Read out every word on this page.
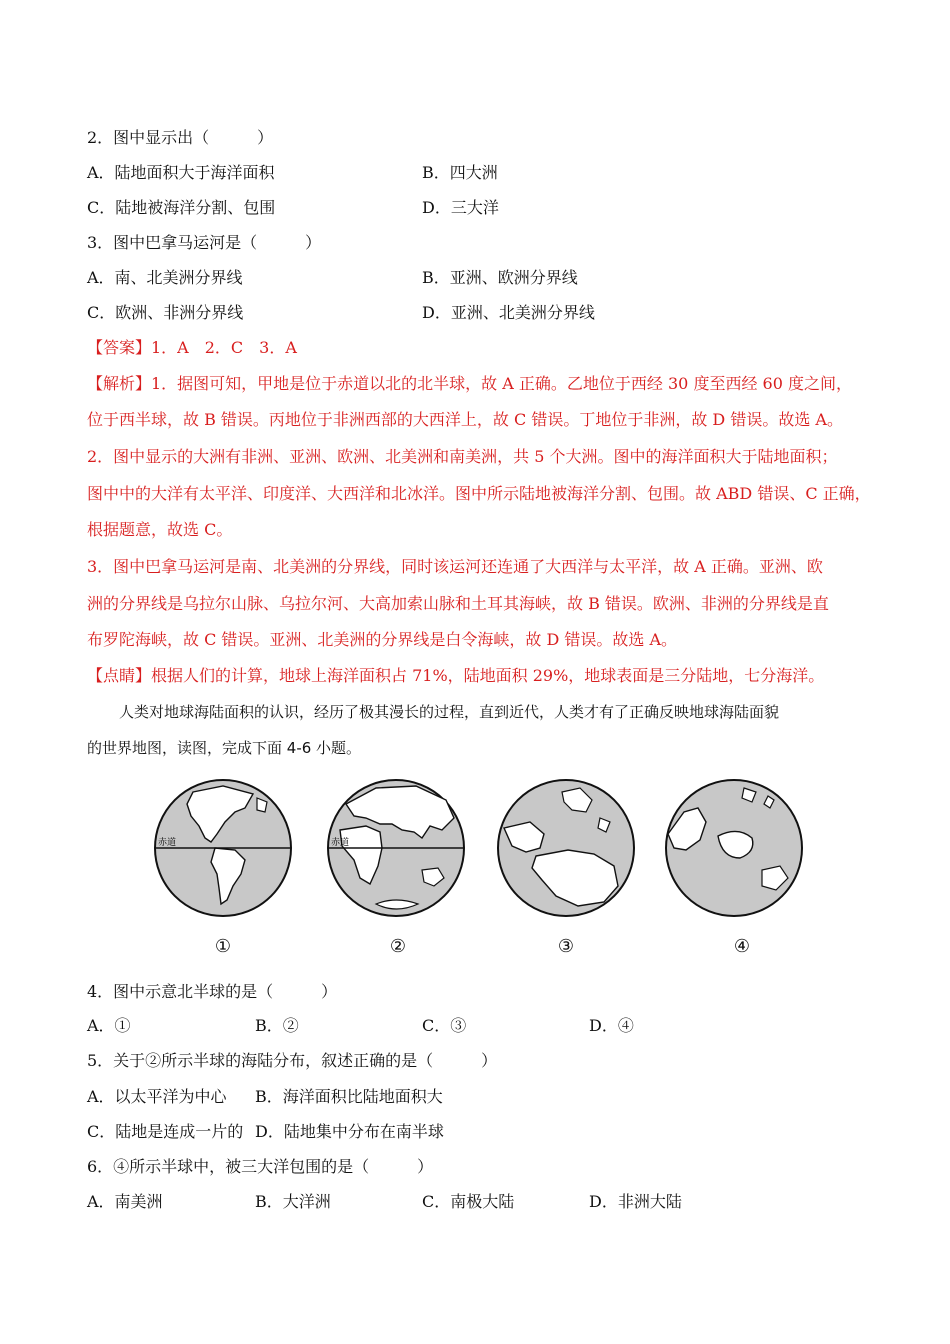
2．图中显示出（　　　）
A．陆地面积大于海洋面积	B．四大洲
C．陆地被海洋分割、包围	D．三大洋
3．图中巴拿马运河是（　　　）
A．南、北美洲分界线	B．亚洲、欧洲分界线
C．欧洲、非洲分界线	D．亚洲、北美洲分界线
【答案】1．A　2．C　3．A
【解析】1．据图可知，甲地是位于赤道以北的北半球，故 A 正确。乙地位于西经 30 度至西经 60 度之间，
位于西半球，故 B 错误。丙地位于非洲西部的大西洋上，故 C 错误。丁地位于非洲，故 D 错误。故选 A。
2．图中显示的大洲有非洲、亚洲、欧洲、北美洲和南美洲，共 5 个大洲。图中的海洋面积大于陆地面积；
图中中的大洋有太平洋、印度洋、大西洋和北冰洋。图中所示陆地被海洋分割、包围。故 ABD 错误、C 正确，
根据题意，故选 C。
3．图中巴拿马运河是南、北美洲的分界线，同时该运河还连通了大西洋与太平洋，故 A 正确。亚洲、欧
洲的分界线是乌拉尔山脉、乌拉尔河、大高加索山脉和土耳其海峡，故 B 错误。欧洲、非洲的分界线是直
布罗陀海峡，故 C 错误。亚洲、北美洲的分界线是白令海峡，故 D 错误。故选 A。
【点睛】根据人们的计算，地球上海洋面积占 71%，陆地面积 29%，地球表面是三分陆地，七分海洋。
人类对地球海陆面积的认识，经历了极其漫长的过程，直到近代，人类才有了正确反映地球海陆面貌
的世界地图，读图，完成下面 4-6 小题。
赤道	赤道
①	②	③	④
4．图中示意北半球的是（　　　）
A．①	B．②	C．③	D．④
5．关于②所示半球的海陆分布，叙述正确的是（　　　）
A．以太平洋为中心 B．海洋面积比陆地面积大
C．陆地是连成一片的 D．陆地集中分布在南半球
6．④所示半球中，被三大洋包围的是（　　　）
A．南美洲	B．大洋洲	C．南极大陆	D．非洲大陆
